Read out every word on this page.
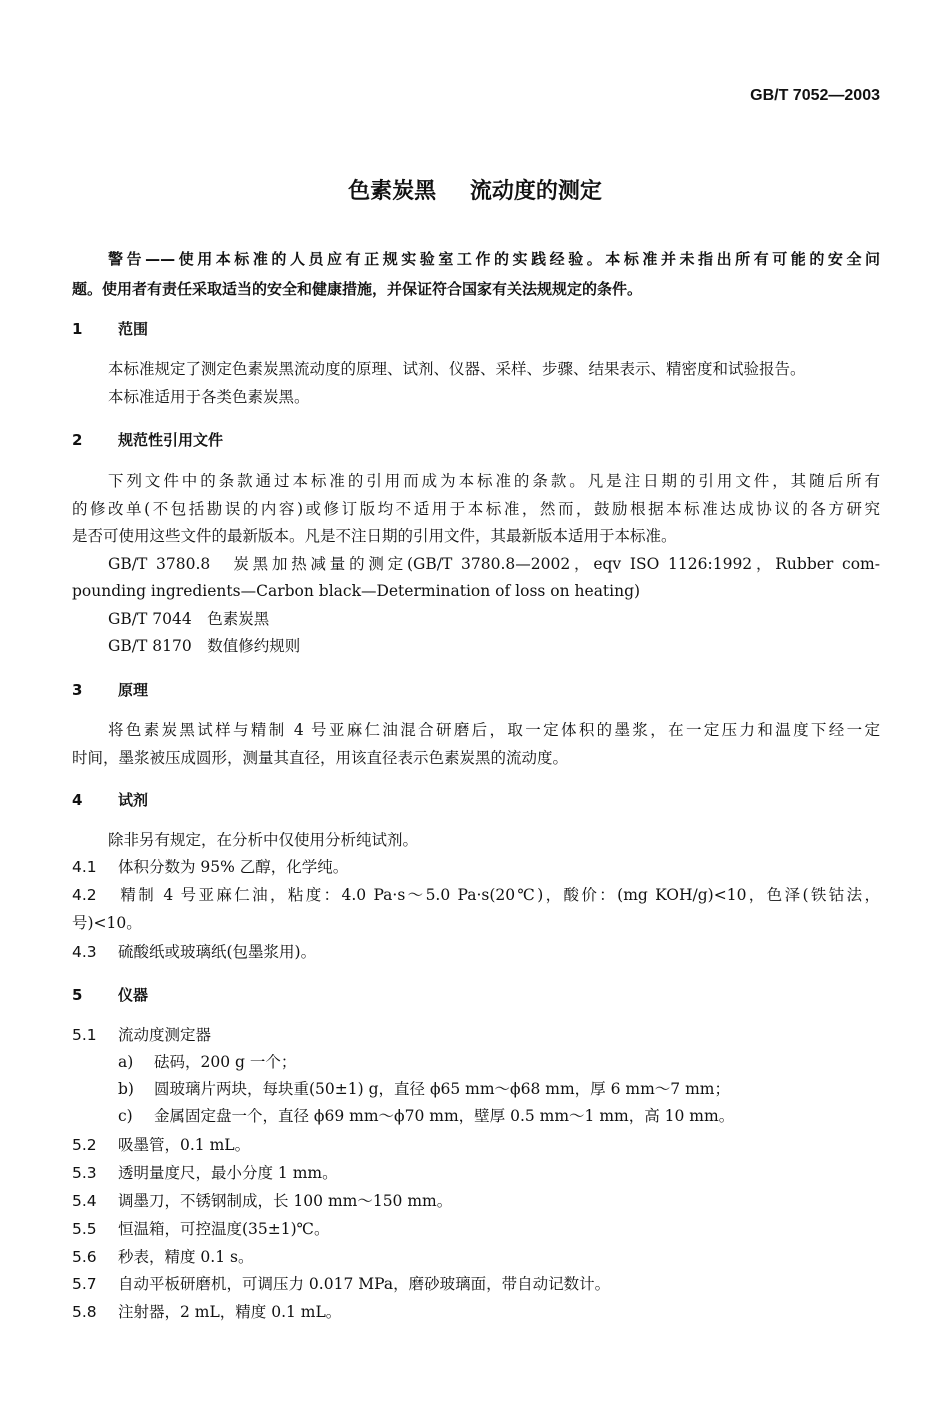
GB/T 7052—2003
色素炭黑 流动度的测定
警告——使用本标准的人员应有正规实验室工作的实践经验。本标准并未指出所有可能的安全问
题。使用者有责任采取适当的安全和健康措施，并保证符合国家有关法规规定的条件。
1 范围
本标准规定了测定色素炭黑流动度的原理、试剂、仪器、采样、步骤、结果表示、精密度和试验报告。
本标准适用于各类色素炭黑。
2 规范性引用文件
下列文件中的条款通过本标准的引用而成为本标准的条款。凡是注日期的引用文件，其随后所有
的修改单(不包括勘误的内容)或修订版均不适用于本标准，然而，鼓励根据本标准达成协议的各方研究
是否可使用这些文件的最新版本。凡是不注日期的引用文件，其最新版本适用于本标准。
GB/T 3780.8　炭黑加热减量的测定(GB/T 3780.8—2002，eqv ISO 1126:1992，Rubber com-
pounding ingredients—Carbon black—Determination of loss on heating)
GB/T 7044　色素炭黑
GB/T 8170　数值修约规则
3 原理
将色素炭黑试样与精制 4 号亚麻仁油混合研磨后，取一定体积的墨浆，在一定压力和温度下经一定
时间，墨浆被压成圆形，测量其直径，用该直径表示色素炭黑的流动度。
4 试剂
除非另有规定，在分析中仅使用分析纯试剂。
4.1 体积分数为 95% 乙醇，化学纯。
4.2 精制 4 号亚麻仁油，粘度：4.0 Pa·s～5.0 Pa·s(20℃)，酸价：(mg KOH/g)<10，色泽(铁钴法，
号)<10。
4.3 硫酸纸或玻璃纸(包墨浆用)。
5 仪器
5.1 流动度测定器
a) 砝码，200 g 一个；
b) 圆玻璃片两块，每块重(50±1) g，直径 ϕ65 mm～ϕ68 mm，厚 6 mm～7 mm；
c) 金属固定盘一个，直径 ϕ69 mm～ϕ70 mm，壁厚 0.5 mm～1 mm，高 10 mm。
5.2 吸墨管，0.1 mL。
5.3 透明量度尺，最小分度 1 mm。
5.4 调墨刀，不锈钢制成，长 100 mm～150 mm。
5.5 恒温箱，可控温度(35±1)℃。
5.6 秒表，精度 0.1 s。
5.7 自动平板研磨机，可调压力 0.017 MPa，磨砂玻璃面，带自动记数计。
5.8 注射器，2 mL，精度 0.1 mL。
